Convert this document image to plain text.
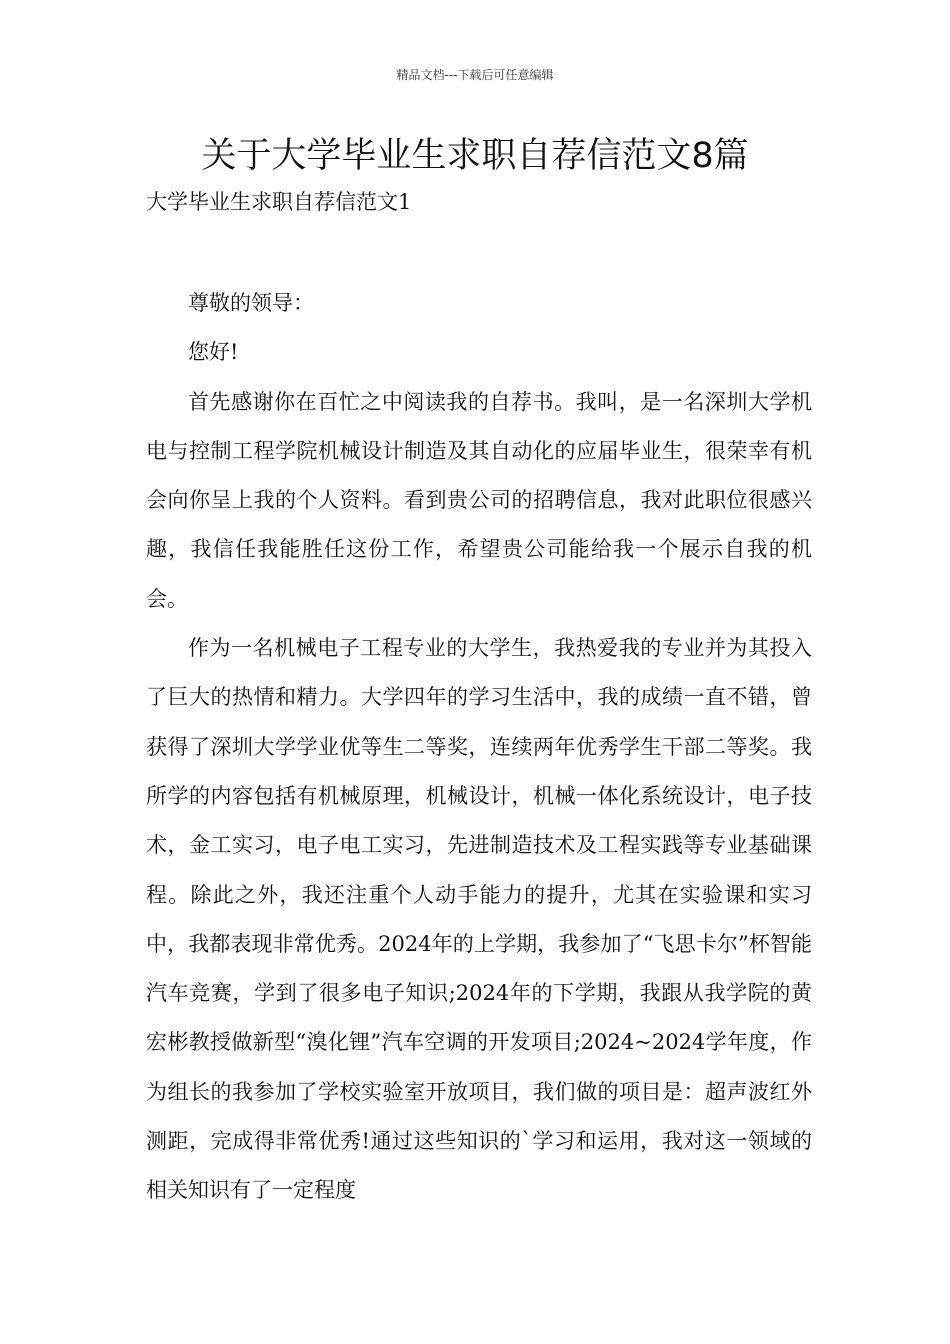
精品文档---下载后可任意编辑
关于大学毕业生求职自荐信范文8篇
大学毕业生求职自荐信范文1

尊敬的领导：

您好!

首先感谢你在百忙之中阅读我的自荐书。我叫，是一名深圳大学机电与控制工程学院机械设计制造及其自动化的应届毕业生，很荣幸有机会向你呈上我的个人资料。看到贵公司的招聘信息，我对此职位很感兴趣，我信任我能胜任这份工作，希望贵公司能给我一个展示自我的机会。

作为一名机械电子工程专业的大学生，我热爱我的专业并为其投入了巨大的热情和精力。大学四年的学习生活中，我的成绩一直不错，曾获得了深圳大学学业优等生二等奖，连续两年优秀学生干部二等奖。我所学的内容包括有机械原理，机械设计，机械一体化系统设计，电子技术，金工实习，电子电工实习，先进制造技术及工程实践等专业基础课程。除此之外，我还注重个人动手能力的提升，尤其在实验课和实习中，我都表现非常优秀。2024年的上学期，我参加了“飞思卡尔”杯智能汽车竞赛，学到了很多电子知识;2024年的下学期，我跟从我学院的黄宏彬教授做新型“溴化锂”汽车空调的开发项目;2024~2024学年度，作为组长的我参加了学校实验室开放项目，我们做的项目是：超声波红外测距，完成得非常优秀!通过这些知识的`学习和运用，我对这一领域的相关知识有了一定程度
